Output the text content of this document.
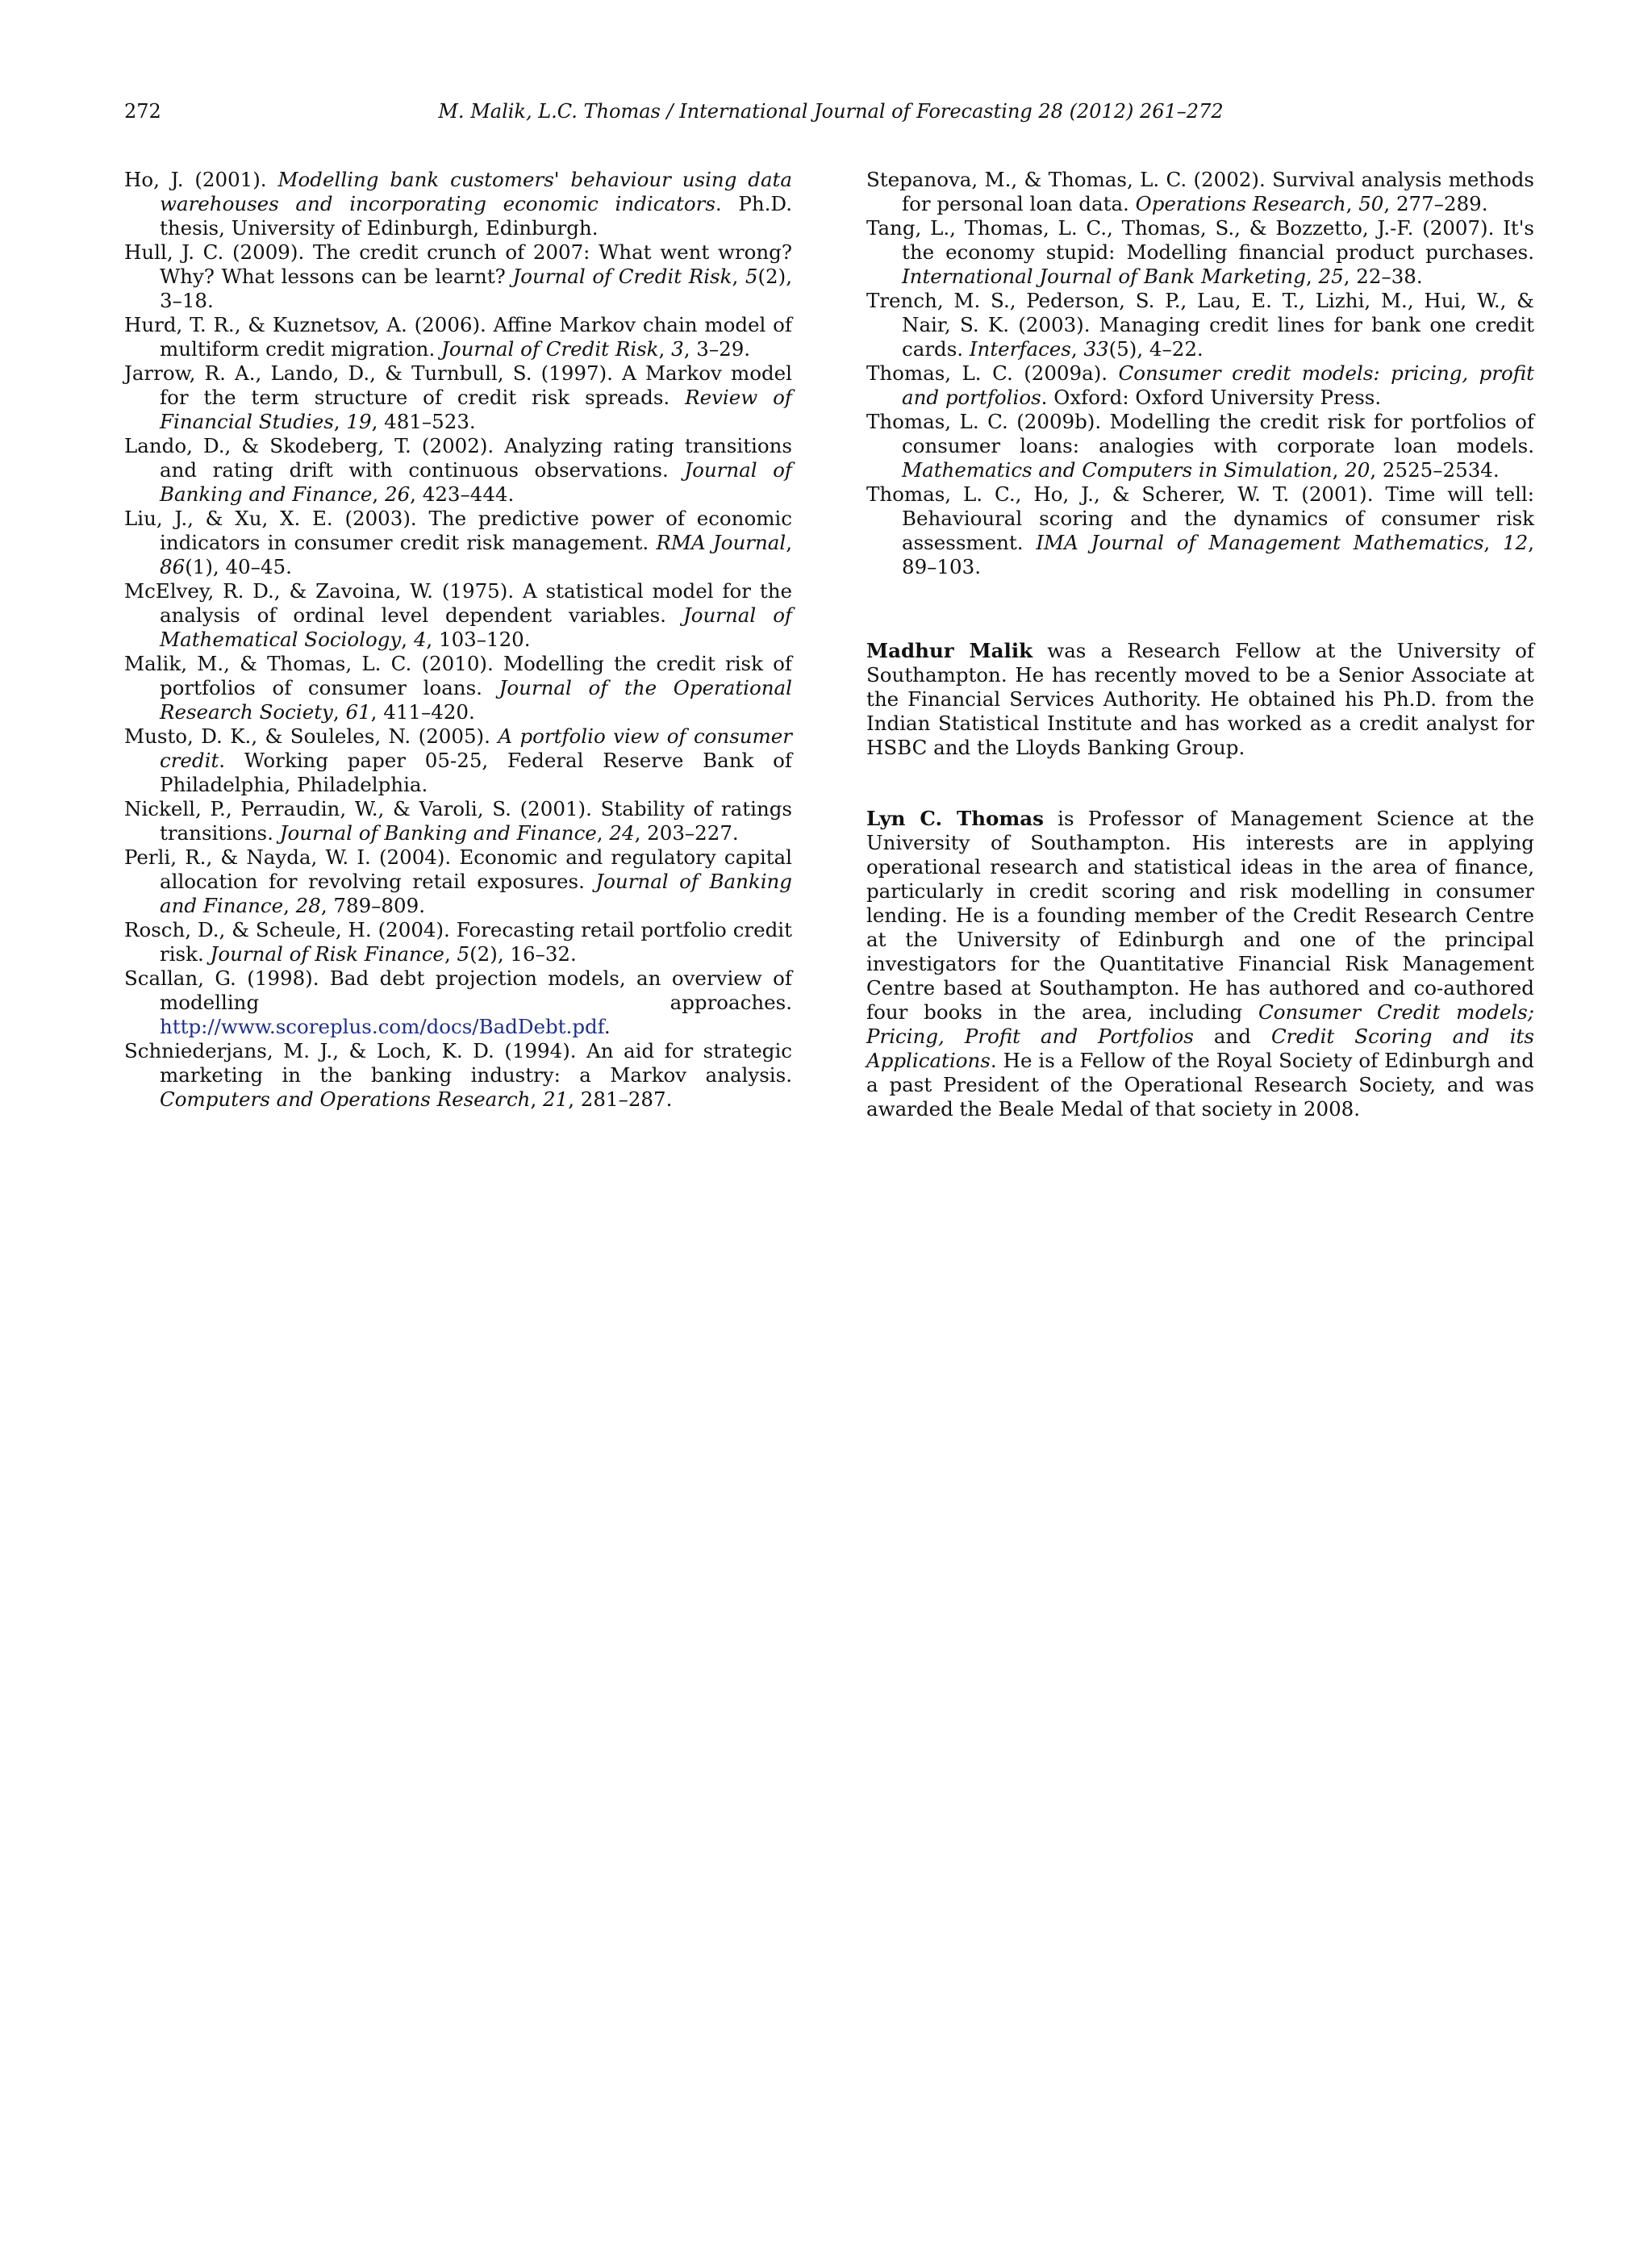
272	M. Malik, L.C. Thomas / International Journal of Forecasting 28 (2012) 261–272

Ho, J. (2001). Modelling bank customers' behaviour using data warehouses and incorporating economic indicators. Ph.D. thesis, University of Edinburgh, Edinburgh.

Hull, J. C. (2009). The credit crunch of 2007: What went wrong? Why? What lessons can be learnt? Journal of Credit Risk, 5(2), 3–18.

Hurd, T. R., & Kuznetsov, A. (2006). Affine Markov chain model of multiform credit migration. Journal of Credit Risk, 3, 3–29.

Jarrow, R. A., Lando, D., & Turnbull, S. (1997). A Markov model for the term structure of credit risk spreads. Review of Financial Studies, 19, 481–523.

Lando, D., & Skodeberg, T. (2002). Analyzing rating transitions and rating drift with continuous observations. Journal of Banking and Finance, 26, 423–444.

Liu, J., & Xu, X. E. (2003). The predictive power of economic indicators in consumer credit risk management. RMA Journal, 86(1), 40–45.

McElvey, R. D., & Zavoina, W. (1975). A statistical model for the analysis of ordinal level dependent variables. Journal of Mathematical Sociology, 4, 103–120.

Malik, M., & Thomas, L. C. (2010). Modelling the credit risk of portfolios of consumer loans. Journal of the Operational Research Society, 61, 411–420.

Musto, D. K., & Souleles, N. (2005). A portfolio view of consumer credit. Working paper 05-25, Federal Reserve Bank of Philadelphia, Philadelphia.

Nickell, P., Perraudin, W., & Varoli, S. (2001). Stability of ratings transitions. Journal of Banking and Finance, 24, 203–227.

Perli, R., & Nayda, W. I. (2004). Economic and regulatory capital allocation for revolving retail exposures. Journal of Banking and Finance, 28, 789–809.

Rosch, D., & Scheule, H. (2004). Forecasting retail portfolio credit risk. Journal of Risk Finance, 5(2), 16–32.

Scallan, G. (1998). Bad debt projection models, an overview of modelling approaches. http://www.scoreplus.com/docs/BadDebt.pdf.

Schniederjans, M. J., & Loch, K. D. (1994). An aid for strategic marketing in the banking industry: a Markov analysis. Computers and Operations Research, 21, 281–287.

Stepanova, M., & Thomas, L. C. (2002). Survival analysis methods for personal loan data. Operations Research, 50, 277–289.

Tang, L., Thomas, L. C., Thomas, S., & Bozzetto, J.-F. (2007). It's the economy stupid: Modelling financial product purchases. International Journal of Bank Marketing, 25, 22–38.

Trench, M. S., Pederson, S. P., Lau, E. T., Lizhi, M., Hui, W., & Nair, S. K. (2003). Managing credit lines for bank one credit cards. Interfaces, 33(5), 4–22.

Thomas, L. C. (2009a). Consumer credit models: pricing, profit and portfolios. Oxford: Oxford University Press.

Thomas, L. C. (2009b). Modelling the credit risk for portfolios of consumer loans: analogies with corporate loan models. Mathematics and Computers in Simulation, 20, 2525–2534.

Thomas, L. C., Ho, J., & Scherer, W. T. (2001). Time will tell: Behavioural scoring and the dynamics of consumer risk assessment. IMA Journal of Management Mathematics, 12, 89–103.

Madhur Malik was a Research Fellow at the University of Southampton. He has recently moved to be a Senior Associate at the Financial Services Authority. He obtained his Ph.D. from the Indian Statistical Institute and has worked as a credit analyst for HSBC and the Lloyds Banking Group.

Lyn C. Thomas is Professor of Management Science at the University of Southampton. His interests are in applying operational research and statistical ideas in the area of finance, particularly in credit scoring and risk modelling in consumer lending. He is a founding member of the Credit Research Centre at the University of Edinburgh and one of the principal investigators for the Quantitative Financial Risk Management Centre based at Southampton. He has authored and co-authored four books in the area, including Consumer Credit models; Pricing, Profit and Portfolios and Credit Scoring and its Applications. He is a Fellow of the Royal Society of Edinburgh and a past President of the Operational Research Society, and was awarded the Beale Medal of that society in 2008.
